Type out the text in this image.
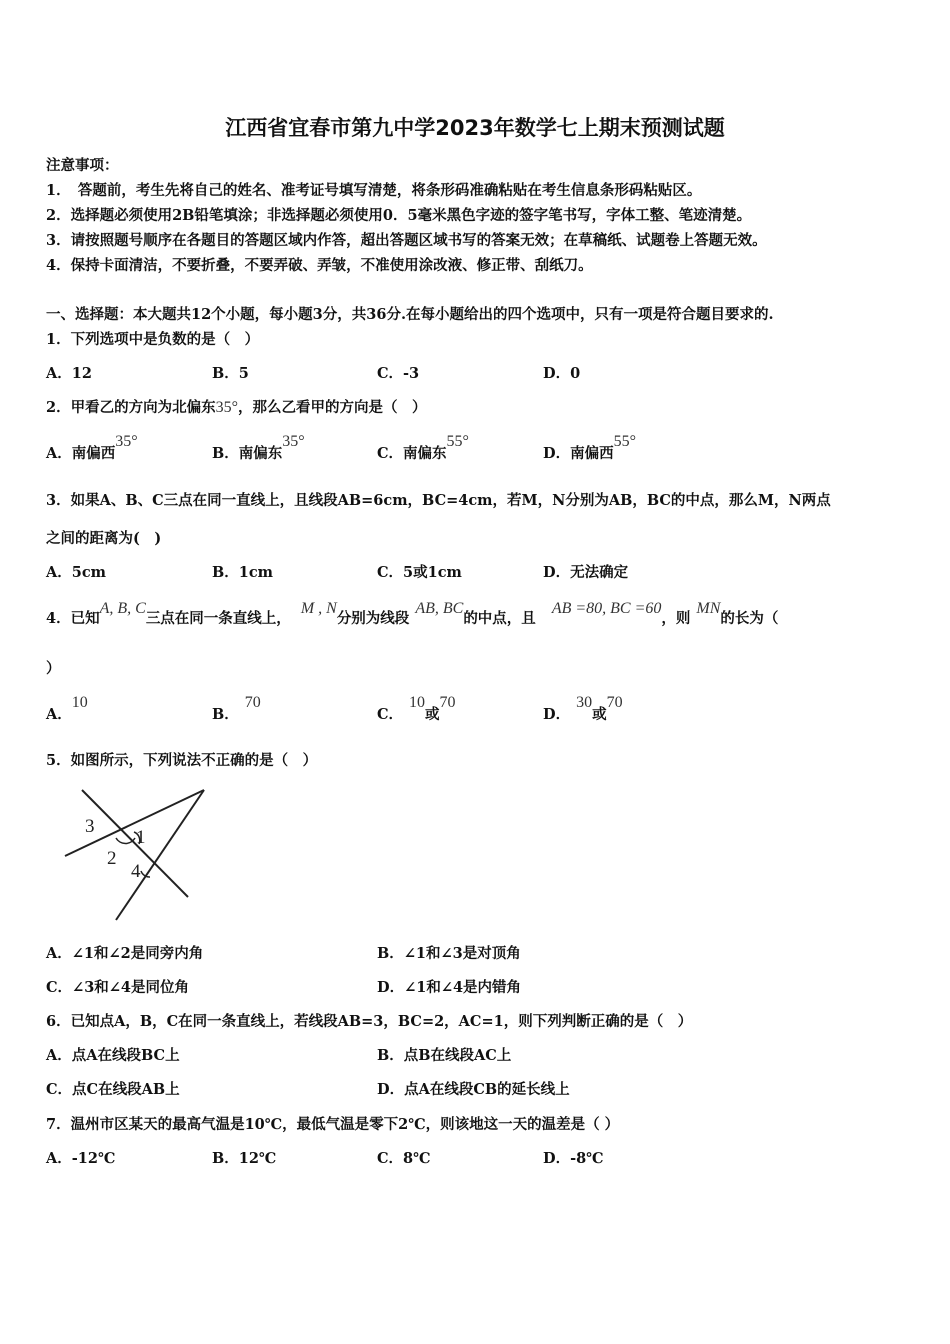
江西省宜春市第九中学2023年数学七上期末预测试题
注意事项：
1．　答题前，考生先将自己的姓名、准考证号填写清楚，将条形码准确粘贴在考生信息条形码粘贴区。
2．选择题必须使用2B铅笔填涂；非选择题必须使用0．5毫米黑色字迹的签字笔书写，字体工整、笔迹清楚。
3．请按照题号顺序在各题目的答题区域内作答，超出答题区域书写的答案无效；在草稿纸、试题卷上答题无效。
4．保持卡面清洁，不要折叠，不要弄破、弄皱，不准使用涂改液、修正带、刮纸刀。
一、选择题：本大题共12个小题，每小题3分，共36分.在每小题给出的四个选项中，只有一项是符合题目要求的.
1．下列选项中是负数的是（　）
A．12	B．5	C．-3	D．0
2．甲看乙的方向为北偏东35°，那么乙看甲的方向是（　）
A．南偏西35°
B．南偏东35°
C．南偏东55°
D．南偏西55°
3．如果A、B、C三点在同一直线上，且线段AB=6cm，BC=4cm，若M，N分别为AB，BC的中点，那么M，N两点
之间的距离为(　)
A．5cm	B．1cm	C．5或1cm	D．无法确定
4．已知A, B, C三点在同一条直线上，M , N分别为线段AB, BC的中点，且AB =80, BC =60，则MN的长为（
）
A．10
B．70
C．10或70
D．30或70
5．如图所示，下列说法不正确的是（　）
3
1
2
4
A．∠1和∠2是同旁内角	B．∠1和∠3是对顶角
C．∠3和∠4是同位角	D．∠1和∠4是内错角
6．已知点A，B，C在同一条直线上，若线段AB=3，BC=2，AC=1，则下列判断正确的是（　）
A．点A在线段BC上	B．点B在线段AC上
C．点C在线段AB上	D．点A在线段CB的延长线上
7．温州市区某天的最高气温是10℃，最低气温是零下2℃，则该地这一天的温差是（ ）
A．-12℃	B．12℃	C．8℃	D．-8℃
